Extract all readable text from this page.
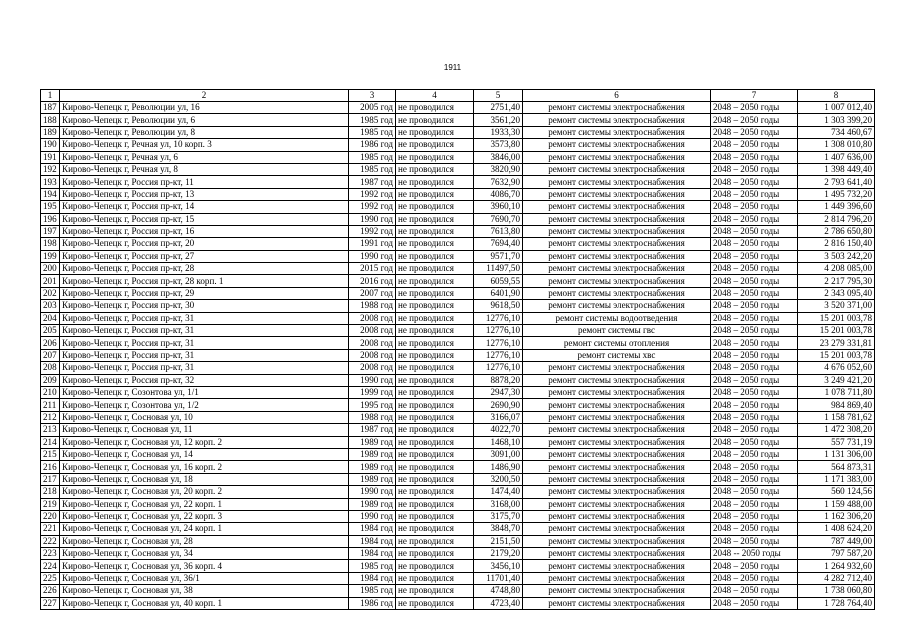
1911
1	2	3	4	5	6	7	8
187	Кирово-Чепецк г, Революции ул, 16	2005 год	не проводился	2751,40	ремонт системы электроснабжения	2048 – 2050 годы	1 007 012,40
188	Кирово-Чепецк г, Революции ул, 6	1985 год	не проводился	3561,20	ремонт системы электроснабжения	2048 – 2050 годы	1 303 399,20
189	Кирово-Чепецк г, Революции ул, 8	1985 год	не проводился	1933,30	ремонт системы электроснабжения	2048 – 2050 годы	734 460,67
190	Кирово-Чепецк г, Речная ул, 10 корп. 3	1986 год	не проводился	3573,80	ремонт системы электроснабжения	2048 – 2050 годы	1 308 010,80
191	Кирово-Чепецк г, Речная ул, 6	1985 год	не проводился	3846,00	ремонт системы электроснабжения	2048 – 2050 годы	1 407 636,00
192	Кирово-Чепецк г, Речная ул, 8	1985 год	не проводился	3820,90	ремонт системы электроснабжения	2048 – 2050 годы	1 398 449,40
193	Кирово-Чепецк г, Россия пр-кт, 11	1987 год	не проводился	7632,90	ремонт системы электроснабжения	2048 – 2050 годы	2 793 641,40
194	Кирово-Чепецк г, Россия пр-кт, 13	1992 год	не проводился	4086,70	ремонт системы электроснабжения	2048 – 2050 годы	1 495 732,20
195	Кирово-Чепецк г, Россия пр-кт, 14	1992 год	не проводился	3960,10	ремонт системы электроснабжения	2048 – 2050 годы	1 449 396,60
196	Кирово-Чепецк г, Россия пр-кт, 15	1990 год	не проводился	7690,70	ремонт системы электроснабжения	2048 – 2050 годы	2 814 796,20
197	Кирово-Чепецк г, Россия пр-кт, 16	1992 год	не проводился	7613,80	ремонт системы электроснабжения	2048 – 2050 годы	2 786 650,80
198	Кирово-Чепецк г, Россия пр-кт, 20	1991 год	не проводился	7694,40	ремонт системы электроснабжения	2048 – 2050 годы	2 816 150,40
199	Кирово-Чепецк г, Россия пр-кт, 27	1990 год	не проводился	9571,70	ремонт системы электроснабжения	2048 – 2050 годы	3 503 242,20
200	Кирово-Чепецк г, Россия пр-кт, 28	2015 год	не проводился	11497,50	ремонт системы электроснабжения	2048 – 2050 годы	4 208 085,00
201	Кирово-Чепецк г, Россия пр-кт, 28 корп. 1	2016 год	не проводился	6059,55	ремонт системы электроснабжения	2048 – 2050 годы	2 217 795,30
202	Кирово-Чепецк г, Россия пр-кт, 29	2007 год	не проводился	6401,90	ремонт системы электроснабжения	2048 – 2050 годы	2 343 095,40
203	Кирово-Чепецк г, Россия пр-кт, 30	1988 год	не проводился	9618,50	ремонт системы электроснабжения	2048 – 2050 годы	3 520 371,00
204	Кирово-Чепецк г, Россия пр-кт, 31	2008 год	не проводился	12776,10	ремонт системы водоотведения	2048 – 2050 годы	15 201 003,78
205	Кирово-Чепецк г, Россия пр-кт, 31	2008 год	не проводился	12776,10	ремонт системы гвс	2048 – 2050 годы	15 201 003,78
206	Кирово-Чепецк г, Россия пр-кт, 31	2008 год	не проводился	12776,10	ремонт системы отопления	2048 – 2050 годы	23 279 331,81
207	Кирово-Чепецк г, Россия пр-кт, 31	2008 год	не проводился	12776,10	ремонт системы хвс	2048 – 2050 годы	15 201 003,78
208	Кирово-Чепецк г, Россия пр-кт, 31	2008 год	не проводился	12776,10	ремонт системы электроснабжения	2048 – 2050 годы	4 676 052,60
209	Кирово-Чепецк г, Россия пр-кт, 32	1990 год	не проводился	8878,20	ремонт системы электроснабжения	2048 – 2050 годы	3 249 421,20
210	Кирово-Чепецк г, Созонтова ул, 1/1	1999 год	не проводился	2947,30	ремонт системы электроснабжения	2048 – 2050 годы	1 078 711,80
211	Кирово-Чепецк г, Созонтова ул, 1/2	1995 год	не проводился	2690,90	ремонт системы электроснабжения	2048 – 2050 годы	984 869,40
212	Кирово-Чепецк г, Сосновая ул, 10	1988 год	не проводился	3166,07	ремонт системы электроснабжения	2048 – 2050 годы	1 158 781,62
213	Кирово-Чепецк г, Сосновая ул, 11	1987 год	не проводился	4022,70	ремонт системы электроснабжения	2048 – 2050 годы	1 472 308,20
214	Кирово-Чепецк г, Сосновая ул, 12 корп. 2	1989 год	не проводился	1468,10	ремонт системы электроснабжения	2048 – 2050 годы	557 731,19
215	Кирово-Чепецк г, Сосновая ул, 14	1989 год	не проводился	3091,00	ремонт системы электроснабжения	2048 – 2050 годы	1 131 306,00
216	Кирово-Чепецк г, Сосновая ул, 16 корп. 2	1989 год	не проводился	1486,90	ремонт системы электроснабжения	2048 – 2050 годы	564 873,31
217	Кирово-Чепецк г, Сосновая ул, 18	1989 год	не проводился	3200,50	ремонт системы электроснабжения	2048 – 2050 годы	1 171 383,00
218	Кирово-Чепецк г, Сосновая ул, 20 корп. 2	1990 год	не проводился	1474,40	ремонт системы электроснабжения	2048 – 2050 годы	560 124,56
219	Кирово-Чепецк г, Сосновая ул, 22 корп. 1	1989 год	не проводился	3168,00	ремонт системы электроснабжения	2048 – 2050 годы	1 159 488,00
220	Кирово-Чепецк г, Сосновая ул, 22 корп. 3	1990 год	не проводился	3175,70	ремонт системы электроснабжения	2048 – 2050 годы	1 162 306,20
221	Кирово-Чепецк г, Сосновая ул, 24 корп. 1	1984 год	не проводился	3848,70	ремонт системы электроснабжения	2048 – 2050 годы	1 408 624,20
222	Кирово-Чепецк г, Сосновая ул, 28	1984 год	не проводился	2151,50	ремонт системы электроснабжения	2048 – 2050 годы	787 449,00
223	Кирово-Чепецк г, Сосновая ул, 34	1984 год	не проводился	2179,20	ремонт системы электроснабжения	2048 -- 2050 годы	797 587,20
224	Кирово-Чепецк г, Сосновая ул, 36 корп. 4	1985 год	не проводился	3456,10	ремонт системы электроснабжения	2048 – 2050 годы	1 264 932,60
225	Кирово-Чепецк г, Сосновая ул, 36/1	1984 год	не проводился	11701,40	ремонт системы электроснабжения	2048 – 2050 годы	4 282 712,40
226	Кирово-Чепецк г, Сосновая ул, 38	1985 год	не проводился	4748,80	ремонт системы электроснабжения	2048 – 2050 годы	1 738 060,80
227	Кирово-Чепецк г, Сосновая ул, 40 корп. 1	1986 год	не проводился	4723,40	ремонт системы электроснабжения	2048 – 2050 годы	1 728 764,40
